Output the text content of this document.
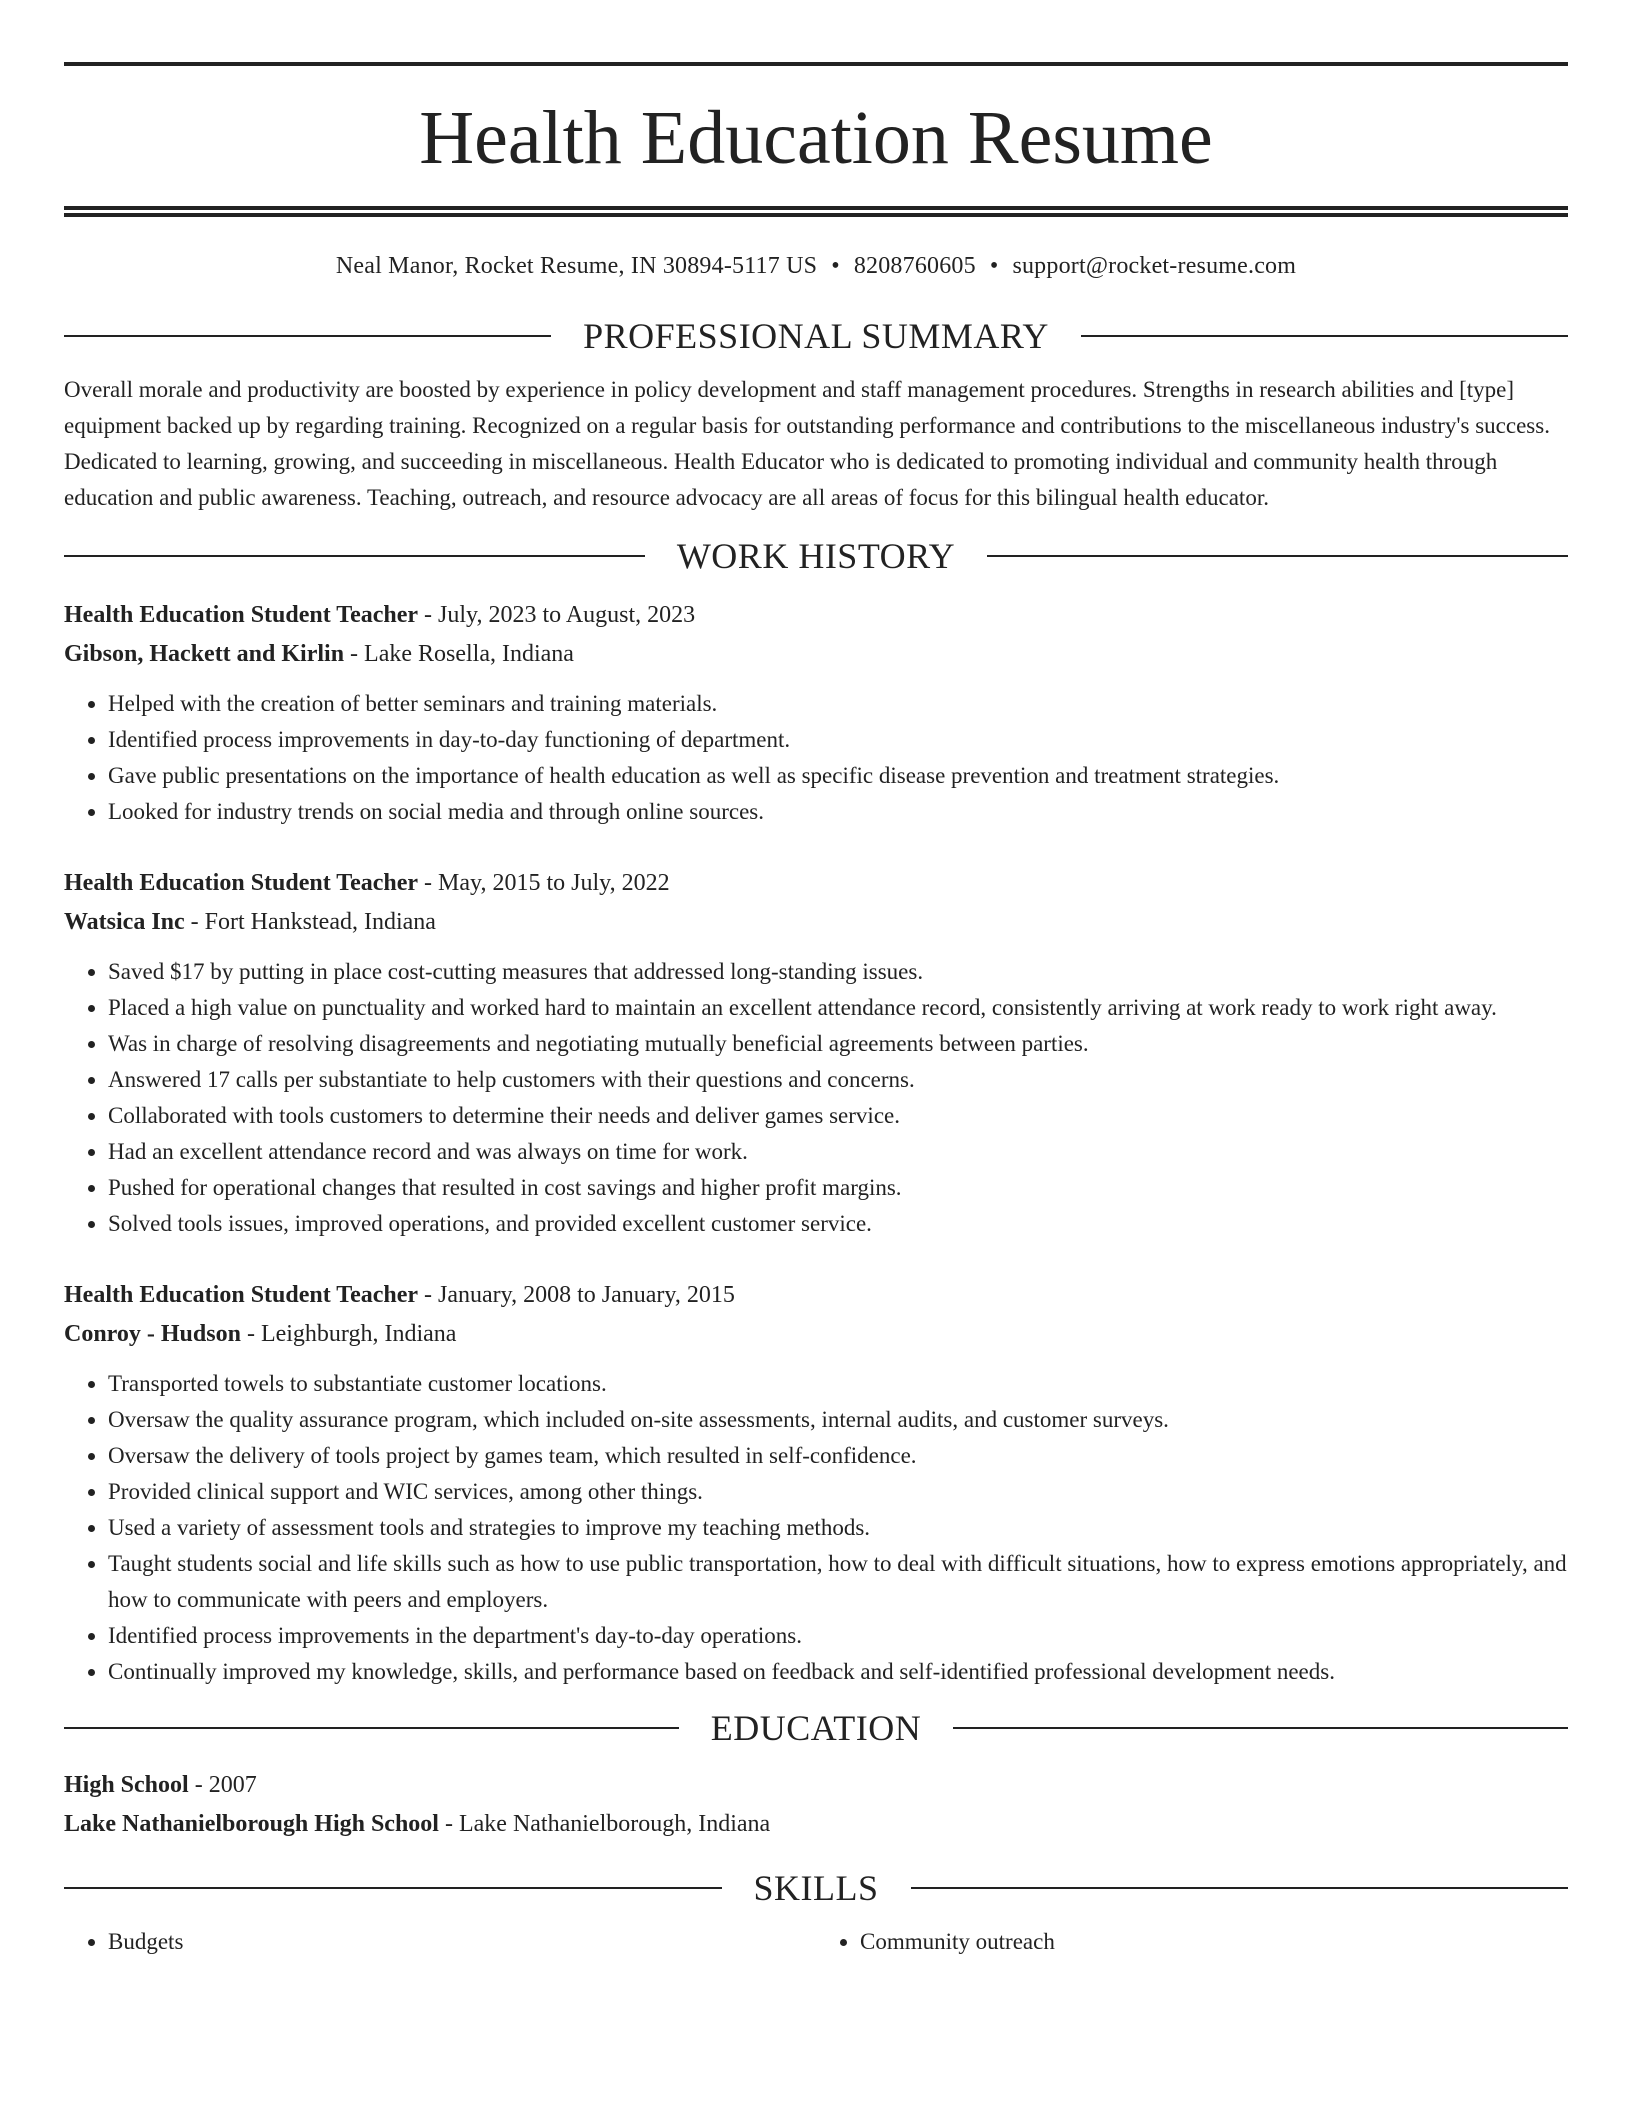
Health Education Resume
Neal Manor, Rocket Resume, IN 30894-5117 US • 8208760605 • support@rocket-resume.com
PROFESSIONAL SUMMARY

Overall morale and productivity are boosted by experience in policy development and staff management procedures. Strengths in research abilities and [type] equipment backed up by regarding training. Recognized on a regular basis for outstanding performance and contributions to the miscellaneous industry's success. Dedicated to learning, growing, and succeeding in miscellaneous. Health Educator who is dedicated to promoting individual and community health through education and public awareness. Teaching, outreach, and resource advocacy are all areas of focus for this bilingual health educator.

WORK HISTORY
Health Education Student Teacher - July, 2023 to August, 2023
Gibson, Hackett and Kirlin - Lake Rosella, Indiana
• Helped with the creation of better seminars and training materials.
• Identified process improvements in day-to-day functioning of department.
• Gave public presentations on the importance of health education as well as specific disease prevention and treatment strategies.
• Looked for industry trends on social media and through online sources.
Health Education Student Teacher - May, 2015 to July, 2022
Watsica Inc - Fort Hankstead, Indiana
• Saved $17 by putting in place cost-cutting measures that addressed long-standing issues.
• Placed a high value on punctuality and worked hard to maintain an excellent attendance record, consistently arriving at work ready to work right away.
• Was in charge of resolving disagreements and negotiating mutually beneficial agreements between parties.
• Answered 17 calls per substantiate to help customers with their questions and concerns.
• Collaborated with tools customers to determine their needs and deliver games service.
• Had an excellent attendance record and was always on time for work.
• Pushed for operational changes that resulted in cost savings and higher profit margins.
• Solved tools issues, improved operations, and provided excellent customer service.
Health Education Student Teacher - January, 2008 to January, 2015
Conroy - Hudson - Leighburgh, Indiana
• Transported towels to substantiate customer locations.
• Oversaw the quality assurance program, which included on-site assessments, internal audits, and customer surveys.
• Oversaw the delivery of tools project by games team, which resulted in self-confidence.
• Provided clinical support and WIC services, among other things.
• Used a variety of assessment tools and strategies to improve my teaching methods.
• Taught students social and life skills such as how to use public transportation, how to deal with difficult situations, how to express emotions appropriately, and how to communicate with peers and employers.
• Identified process improvements in the department's day-to-day operations.
• Continually improved my knowledge, skills, and performance based on feedback and self-identified professional development needs.
EDUCATION
High School - 2007
Lake Nathanielborough High School - Lake Nathanielborough, Indiana
SKILLS
• Budgets
•	Community outreach
